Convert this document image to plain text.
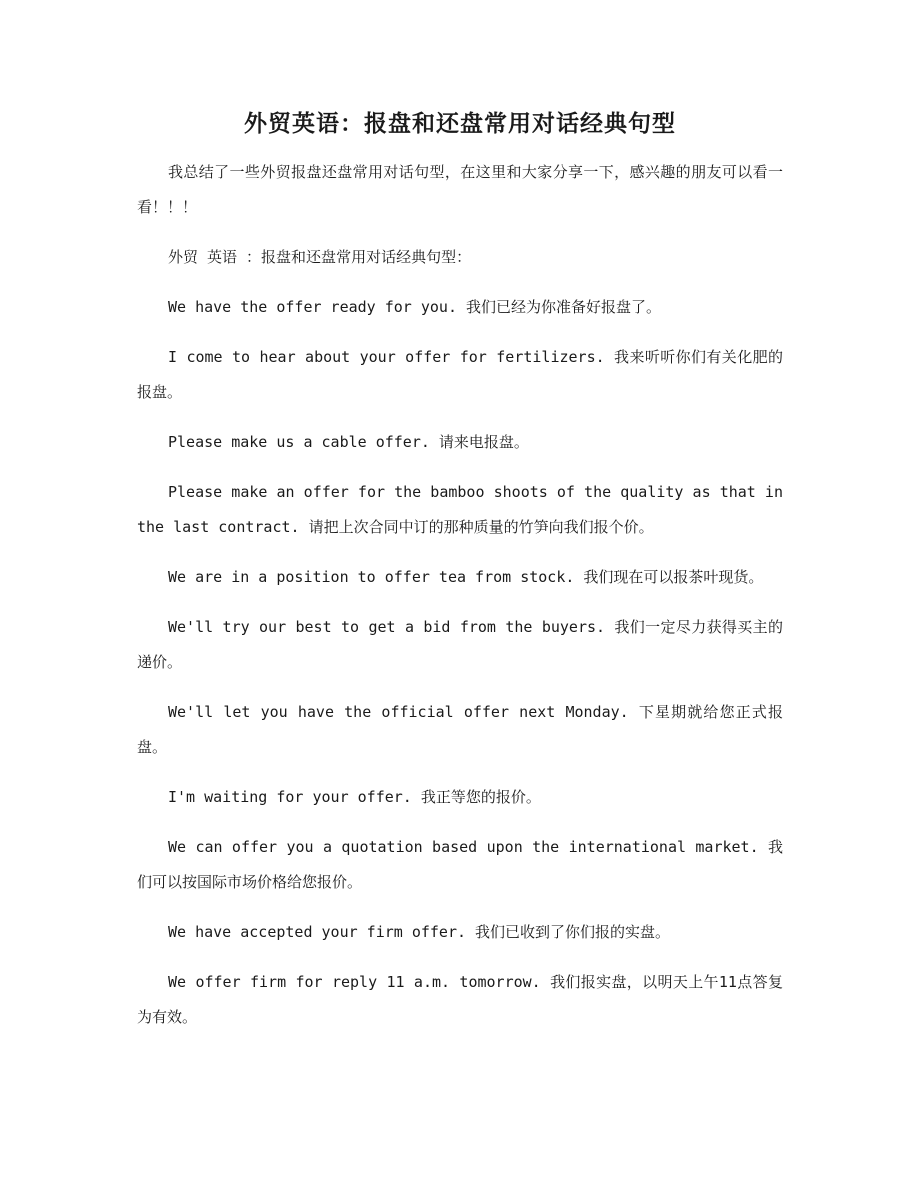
外贸英语：报盘和还盘常用对话经典句型

我总结了一些外贸报盘还盘常用对话句型，在这里和大家分享一下，感兴趣的朋友可以看一看！！！

外贸 英语 ：报盘和还盘常用对话经典句型：

We have the offer ready for you. 我们已经为你准备好报盘了。

I come to hear about your offer for fertilizers. 我来听听你们有关化肥的报盘。

Please make us a cable offer. 请来电报盘。

Please make an offer for the bamboo shoots of the quality as that in the last contract. 请把上次合同中订的那种质量的竹笋向我们报个价。

We are in a position to offer tea from stock. 我们现在可以报茶叶现货。

We'll try our best to get a bid from the buyers. 我们一定尽力获得买主的递价。

We'll let you have the official offer next Monday. 下星期就给您正式报盘。

I'm waiting for your offer. 我正等您的报价。

We can offer you a quotation based upon the international market. 我们可以按国际市场价格给您报价。

We have accepted your firm offer. 我们已收到了你们报的实盘。

We offer firm for reply 11 a.m. tomorrow. 我们报实盘，以明天上午11点答复为有效。
